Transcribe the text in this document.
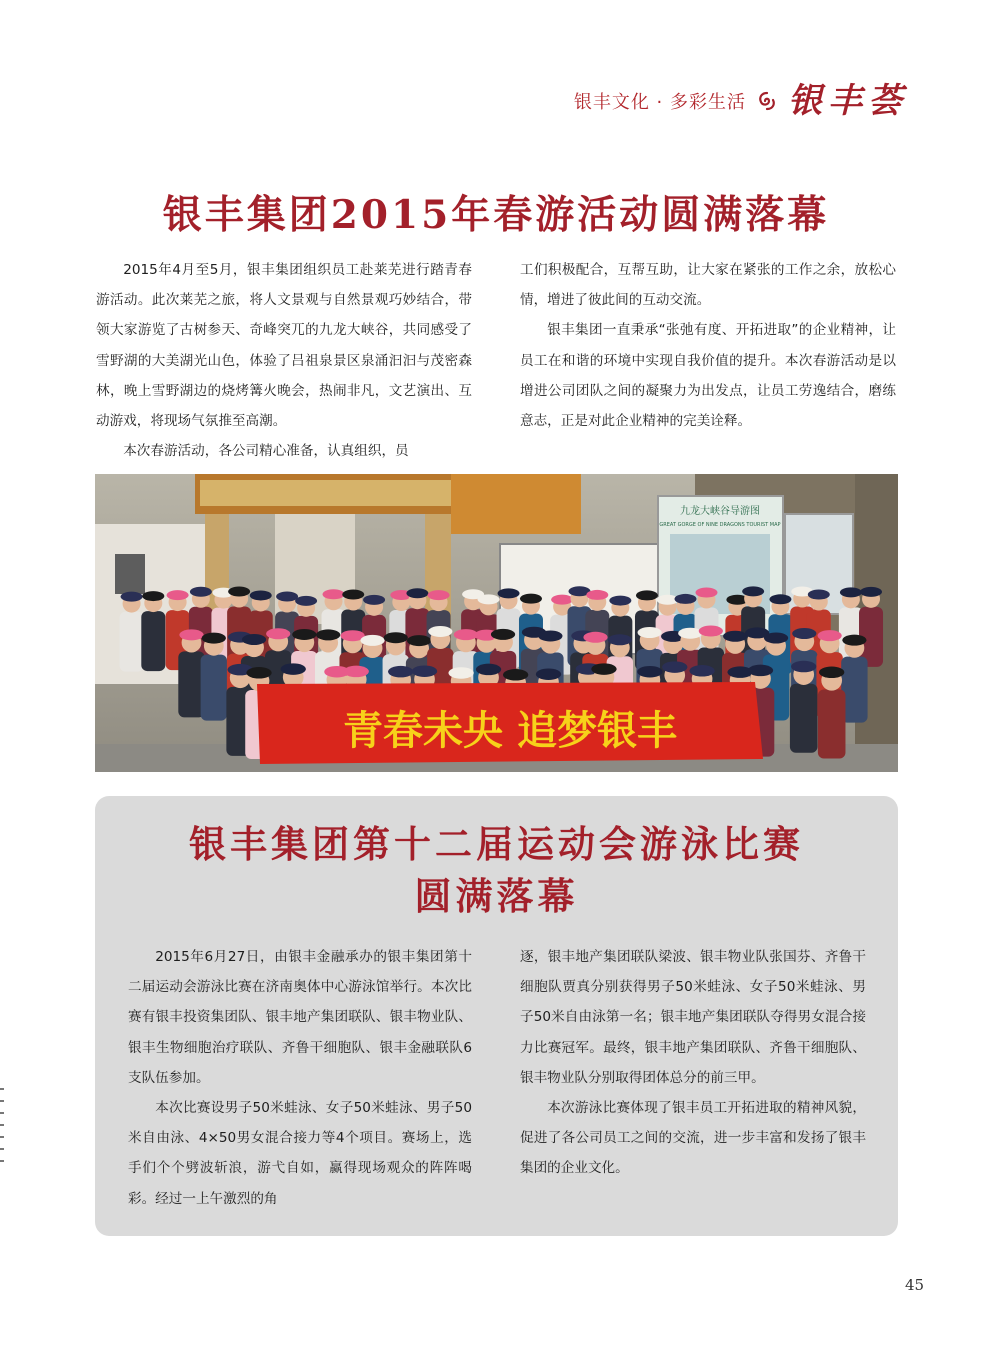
银丰文化 · 多彩生活 银丰荟
银丰集团2015年春游活动圆满落幕

2015年4月至5月，银丰集团组织员工赴莱芜进行踏青春游活动。此次莱芜之旅，将人文景观与自然景观巧妙结合，带领大家游览了古树参天、奇峰突兀的九龙大峡谷，共同感受了雪野湖的大美湖光山色，体验了吕祖泉景区泉涌汩汩与茂密森林，晚上雪野湖边的烧烤篝火晚会，热闹非凡，文艺演出、互动游戏，将现场气氛推至高潮。

本次春游活动，各公司精心准备，认真组织，员

工们积极配合，互帮互助，让大家在紧张的工作之余，放松心情，增进了彼此间的互动交流。

银丰集团一直秉承“张弛有度、开拓进取”的企业精神，让员工在和谐的环境中实现自我价值的提升。本次春游活动是以增进公司团队之间的凝聚力为出发点，让员工劳逸结合，磨练意志，正是对此企业精神的完美诠释。

九龙大峡谷导游图
GREAT GORGE OF NINE DRAGONS TOURIST MAP
青春未央 追梦银丰
银丰集团第十二届运动会游泳比赛
圆满落幕

2015年6月27日，由银丰金融承办的银丰集团第十二届运动会游泳比赛在济南奥体中心游泳馆举行。本次比赛有银丰投资集团队、银丰地产集团联队、银丰物业队、银丰生物细胞治疗联队、齐鲁干细胞队、银丰金融联队6支队伍参加。

本次比赛设男子50米蛙泳、女子50米蛙泳、男子50米自由泳、4×50男女混合接力等4个项目。赛场上，选手们个个劈波斩浪，游弋自如，赢得现场观众的阵阵喝彩。经过一上午激烈的角

逐，银丰地产集团联队梁波、银丰物业队张国芬、齐鲁干细胞队贾真分别获得男子50米蛙泳、女子50米蛙泳、男子50米自由泳第一名；银丰地产集团联队夺得男女混合接力比赛冠军。最终，银丰地产集团联队、齐鲁干细胞队、银丰物业队分别取得团体总分的前三甲。

本次游泳比赛体现了银丰员工开拓进取的精神风貌，促进了各公司员工之间的交流，进一步丰富和发扬了银丰集团的企业文化。

45
